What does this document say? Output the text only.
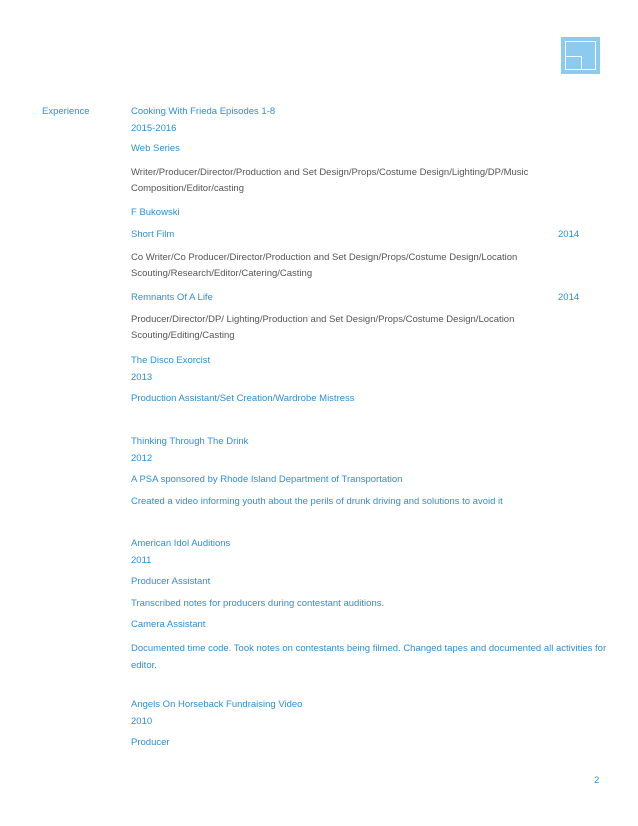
Experience	Cooking With Frieda Episodes 1-8
2015-2016
Web Series
Writer/Producer/Director/Production and Set Design/Props/Costume Design/Lighting/DP/Music Composition/Editor/casting
F Bukowski
Short Film	2014
Co Writer/Co Producer/Director/Production and Set Design/Props/Costume Design/Location Scouting/Research/Editor/Catering/Casting
Remnants Of A Life	2014
Producer/Director/DP/ Lighting/Production and Set Design/Props/Costume Design/Location Scouting/Editing/Casting
The Disco Exorcist
2013
Production Assistant/Set Creation/Wardrobe Mistress
Thinking Through The Drink
2012
A PSA sponsored by Rhode Island Department of Transportation
Created a video informing youth about the perils of drunk driving and solutions to avoid it
American Idol Auditions
2011
Producer Assistant
Transcribed notes for producers during contestant auditions.
Camera Assistant
Documented time code. Took notes on contestants being filmed. Changed tapes and documented all activities for editor.
Angels On Horseback Fundraising Video
2010
Producer
2
